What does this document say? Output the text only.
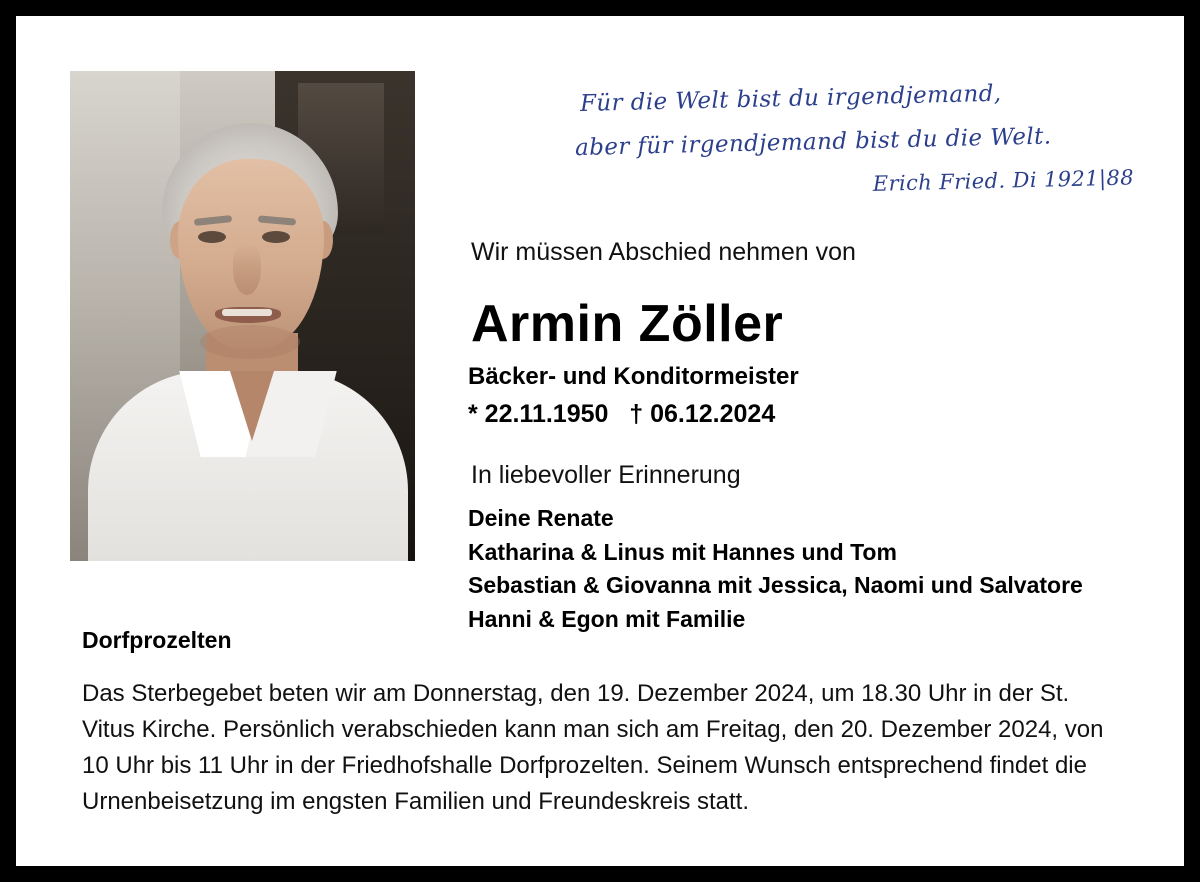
Für die Welt bist du irgendjemand,
aber für irgendjemand bist du die Welt.
Erich Fried. Di 1921|88
Wir müssen Abschied nehmen von
Armin Zöller
Bäcker- und Konditormeister
* 22.11.1950   † 06.12.2024
In liebevoller Erinnerung
Deine Renate
Katharina & Linus mit Hannes und Tom
Sebastian & Giovanna mit Jessica, Naomi und Salvatore
Hanni & Egon mit Familie
Dorfprozelten
Das Sterbegebet beten wir am Donnerstag, den 19. Dezember 2024, um 18.30 Uhr in der St. Vitus Kirche. Persönlich verabschieden kann man sich am Freitag, den 20. Dezember 2024, von 10 Uhr bis 11 Uhr in der Friedhofshalle Dorfprozelten. Seinem Wunsch entsprechend findet die Urnenbeisetzung im engsten Familien und Freundeskreis statt.
